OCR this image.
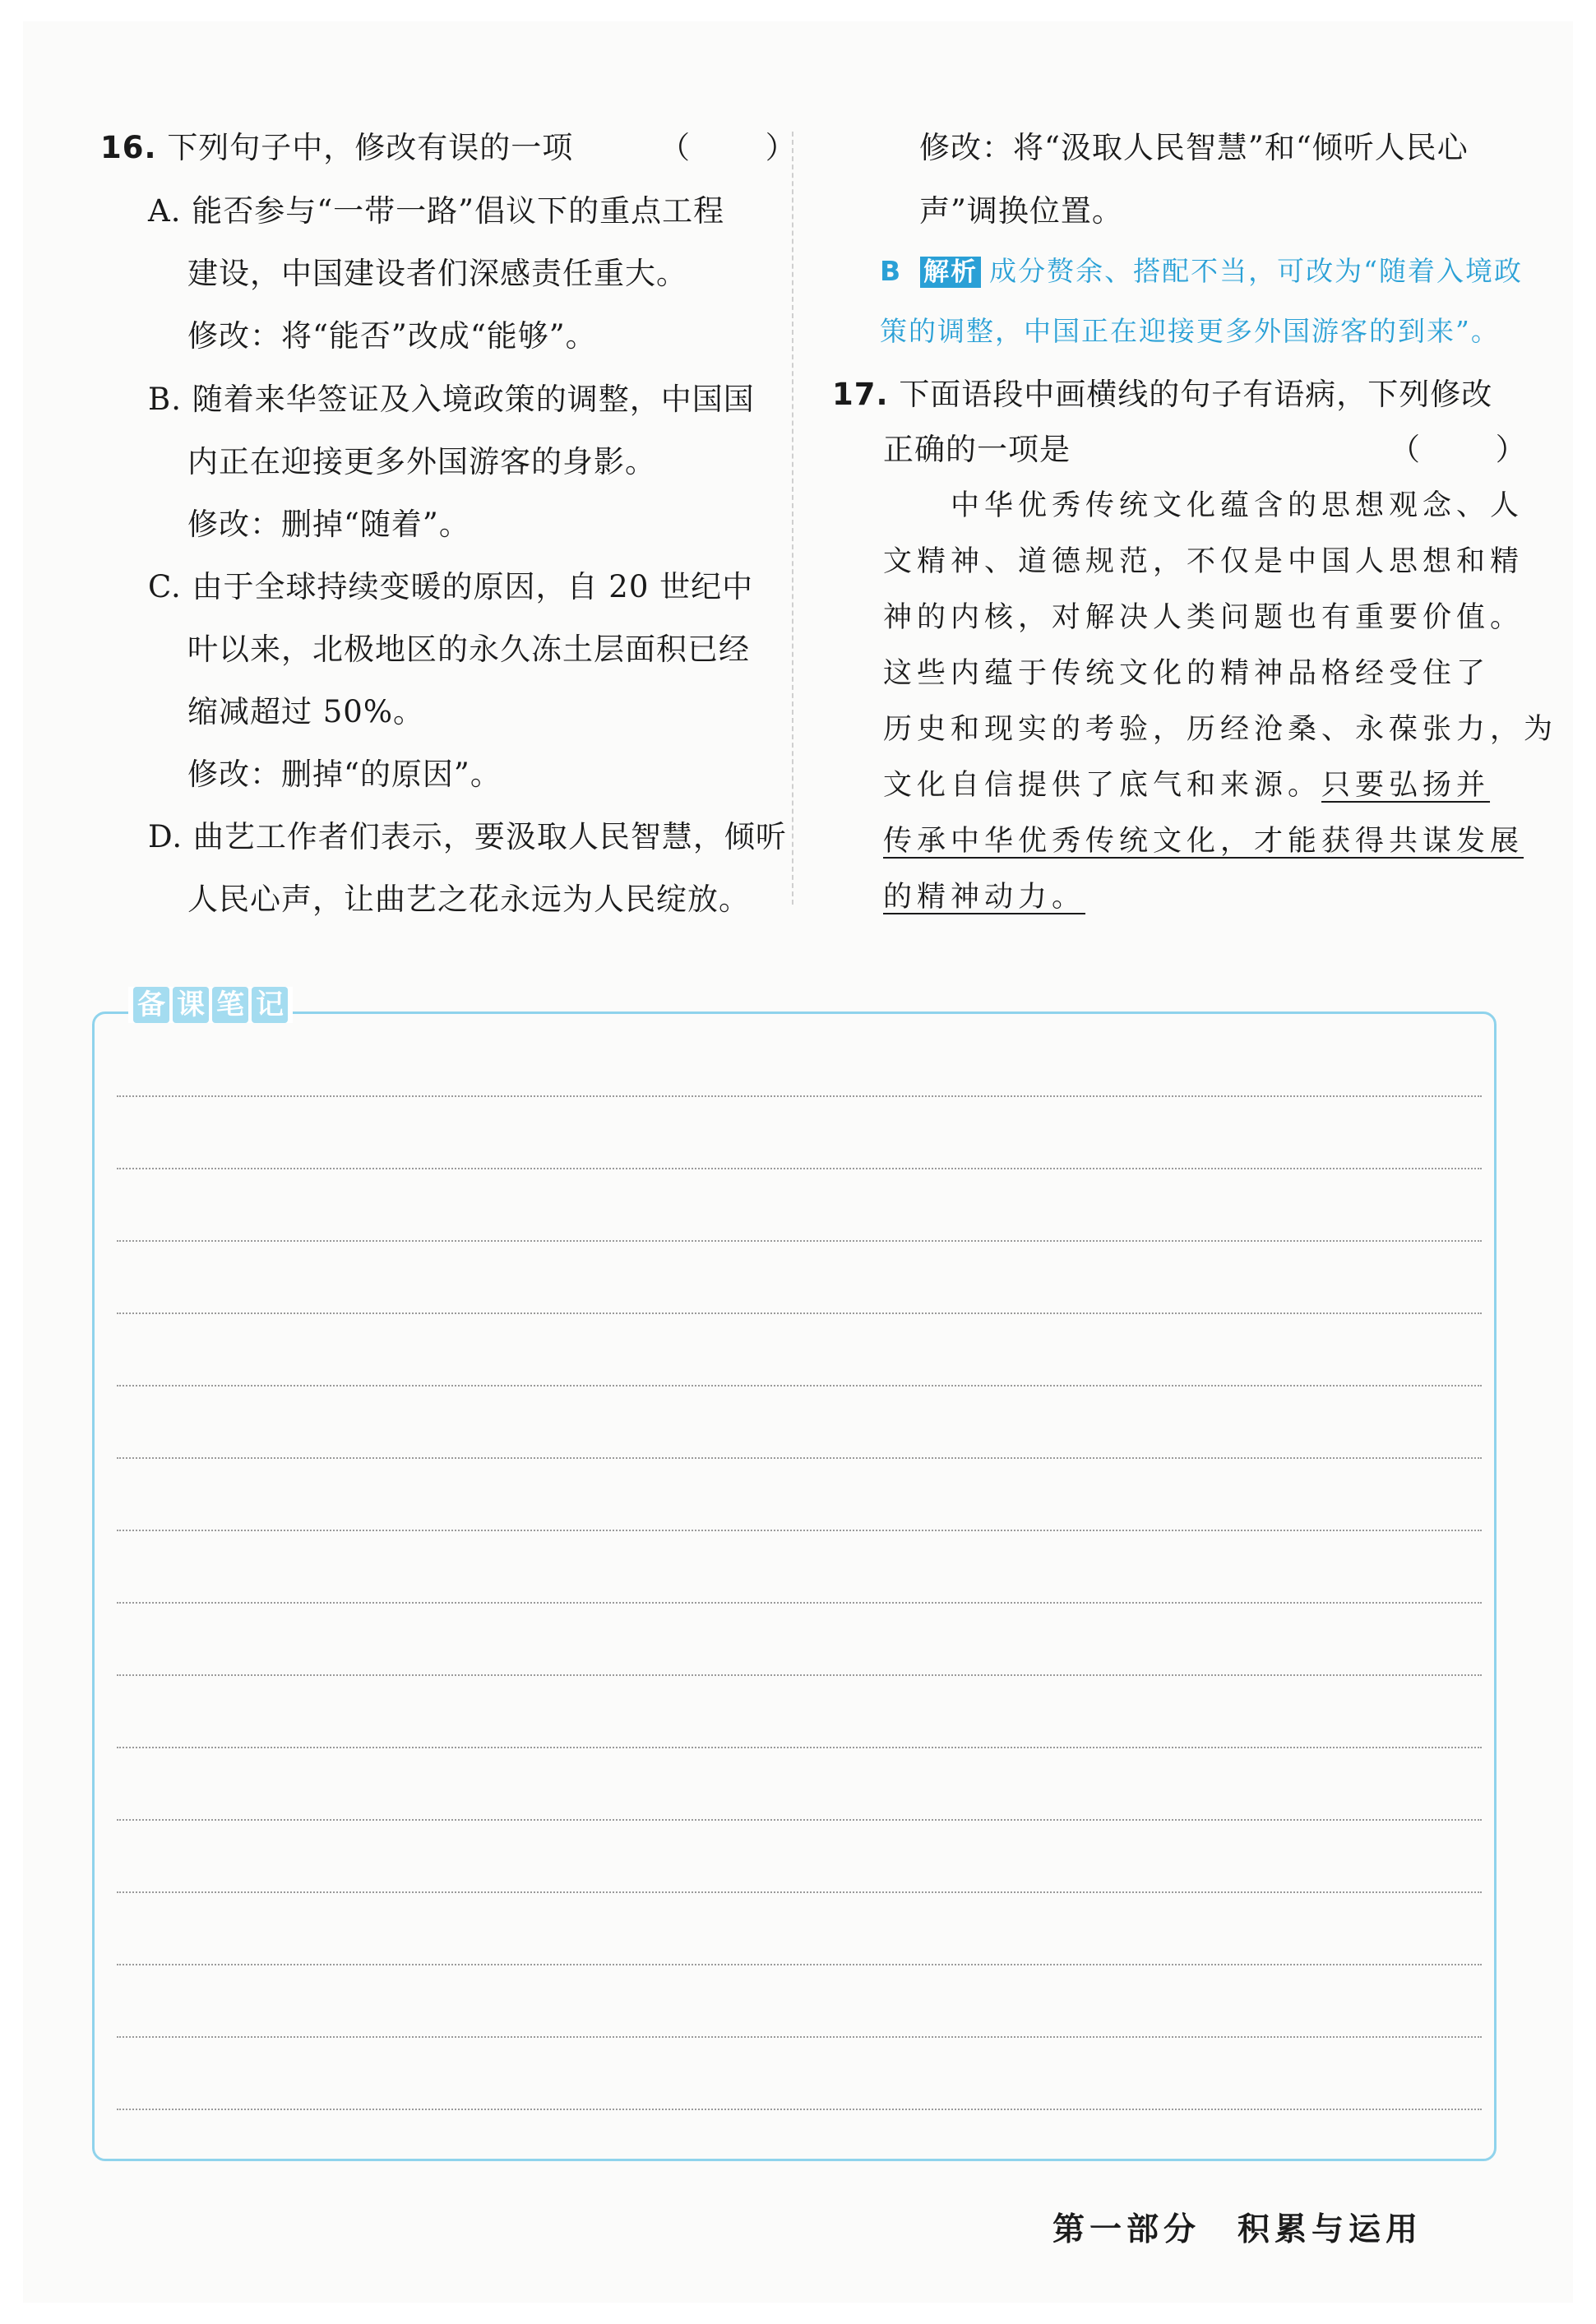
16. 下列句子中，修改有误的一项	（ ）
A. 能否参与“一带一路”倡议下的重点工程
建设，中国建设者们深感责任重大。
修改：将“能否”改成“能够”。
B. 随着来华签证及入境政策的调整，中国国
内正在迎接更多外国游客的身影。
修改：删掉“随着”。
C. 由于全球持续变暖的原因，自 20 世纪中
叶以来，北极地区的永久冻土层面积已经
缩减超过 50%。
修改：删掉“的原因”。
D. 曲艺工作者们表示，要汲取人民智慧，倾听
人民心声，让曲艺之花永远为人民绽放。
修改：将“汲取人民智慧”和“倾听人民心
声”调换位置。
B 解析 成分赘余、搭配不当，可改为“随着入境政
策的调整，中国正在迎接更多外国游客的到来”。
17. 下面语段中画横线的句子有语病，下列修改
正确的一项是	（ ）
中华优秀传统文化蕴含的思想观念、人
文精神、道德规范，不仅是中国人思想和精
神的内核，对解决人类问题也有重要价值。
这些内蕴于传统文化的精神品格经受住了
历史和现实的考验，历经沧桑、永葆张力，为
文化自信提供了底气和来源。只要弘扬并
传承中华优秀传统文化，才能获得共谋发展
的精神动力。
备 课 笔 记
第一部分　积累与运用
